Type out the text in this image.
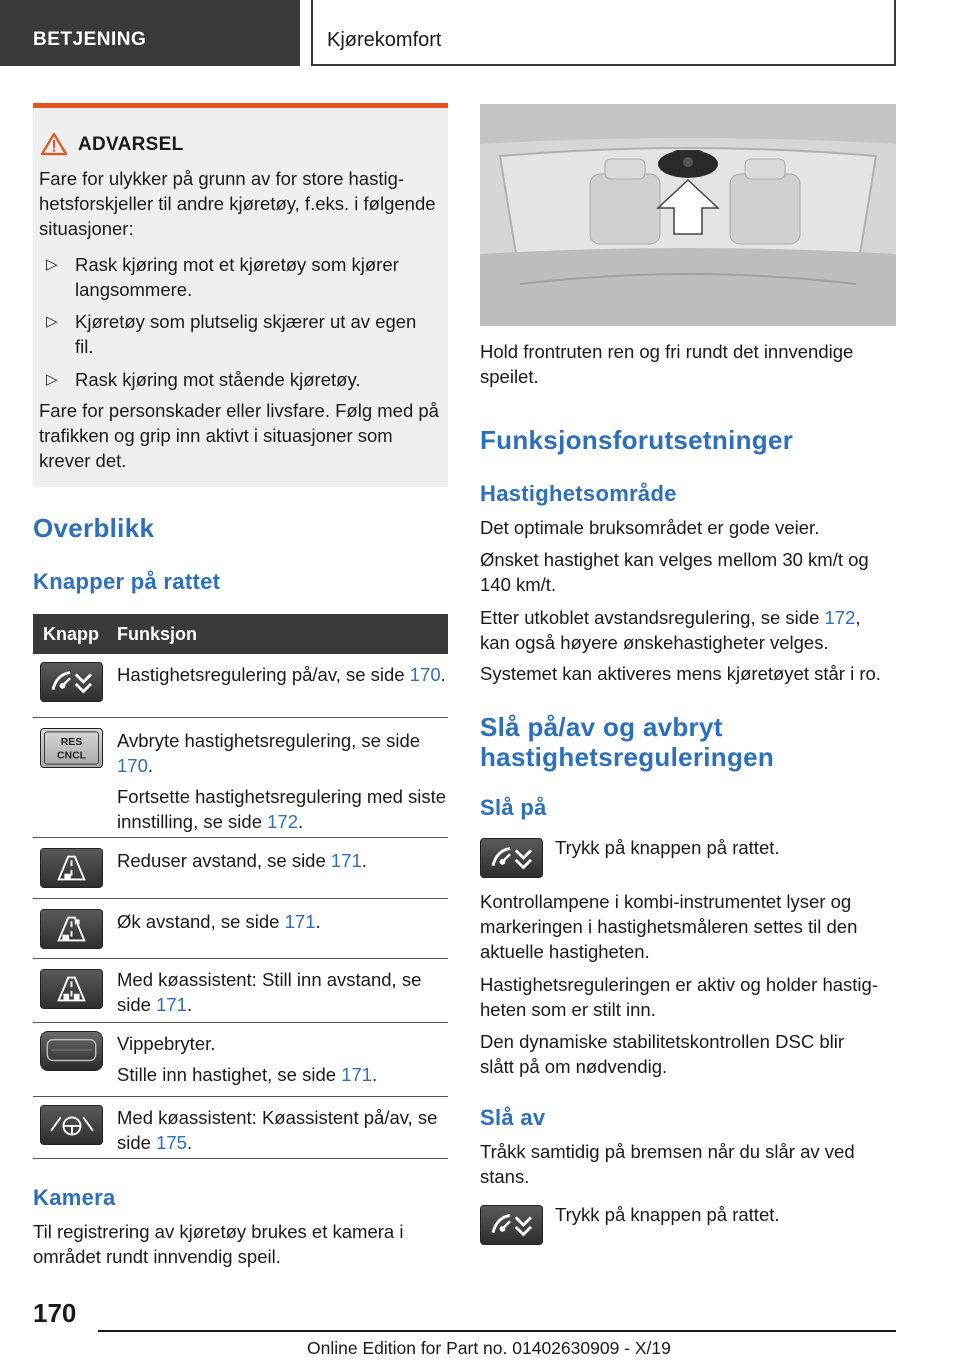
BETJENING	Kjørekomfort
ADVARSEL
Fare for ulykker på grunn av for store hastighetsforskjeller til andre kjøretøy, f.eks. i følgende situasjoner:
▷ Rask kjøring mot et kjøretøy som kjører langsommere.
▷ Kjøretøy som plutselig skjærer ut av egen fil.
▷ Rask kjøring mot stående kjøretøy.
Fare for personskader eller livsfare. Følg med på trafikken og grip inn aktivt i situasjoner som krever det.
Overblikk
Knapper på rattet
Knapp Funksjon

Hastighetsregulering på/av, se side 170.

RES
CNCL

Avbryte hastighetsregulering, se side 170.

Fortsette hastighetsregulering med siste innstilling, se side 172.

Reduser avstand, se side 171.

Øk avstand, se side 171.

Med køassistent: Still inn avstand, se side 171.

Vippebryter.

Stille inn hastighet, se side 171.

Med køassistent: Køassistent på/av, se side 175.

Kamera
Til registrering av kjøretøy brukes et kamera i området rundt innvendig speil.
Hold frontruten ren og fri rundt det innvendige speilet.
Funksjonsforutsetninger
Hastighetsområde
Det optimale bruksområdet er gode veier.
Ønsket hastighet kan velges mellom 30 km/t og 140 km/t.
Etter utkoblet avstandsregulering, se side 172,
kan også høyere ønskehastigheter velges.
Systemet kan aktiveres mens kjøretøyet står i ro.
Slå på/av og avbryt
hastighetsreguleringen
Slå på
Trykk på knappen på rattet.
Kontrollampene i kombi-instrumentet lyser og markeringen i hastighetsmåleren settes til den aktuelle hastigheten.
Hastighetsreguleringen er aktiv og holder hastigheten som er stilt inn.
Den dynamiske stabilitetskontrollen DSC blir slått på om nødvendig.
Slå av
Tråkk samtidig på bremsen når du slår av ved stans.
Trykk på knappen på rattet.
170
Online Edition for Part no. 01402630909 - X/19
